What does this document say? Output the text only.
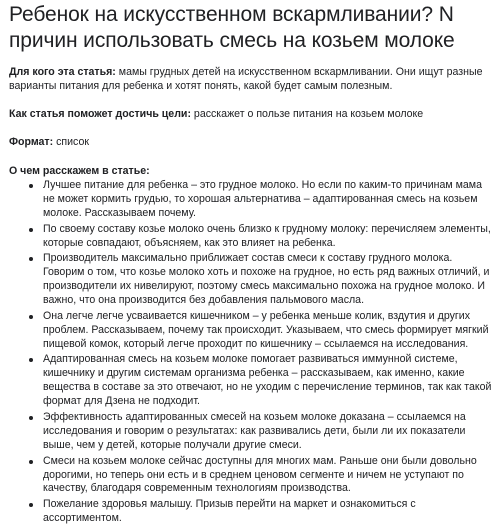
Ребенок на искусственном вскармливании? N причин использовать смесь на козьем молоке

Для кого эта статья: мамы грудных детей на искусственном вскармливании. Они ищут разные варианты питания для ребенка и хотят понять, какой будет самым полезным.

Как статья поможет достичь цели: расскажет о пользе питания на козьем молоке

Формат: список

О чем расскажем в статье:

Лучшее питание для ребенка – это грудное молоко. Но если по каким-то причинам мама не может кормить грудью, то хорошая альтернатива – адаптированная смесь на козьем молоке. Рассказываем почему.
По своему составу козье молоко очень близко к грудному молоку: перечисляем элементы, которые совпадают, объясняем, как это влияет на ребенка.
Производитель максимально приближает состав смеси к составу грудного молока. Говорим о том, что козье молоко хоть и похоже на грудное, но есть ряд важных отличий, и производители их нивелируют, поэтому смесь максимально похожа на грудное молоко. И важно, что она производится без добавления пальмового масла.
Она легче легче усваивается кишечником – у ребенка меньше колик, вздутия и других проблем. Рассказываем, почему так происходит. Указываем, что смесь формирует мягкий пищевой комок, который легче проходит по кишечнику – ссылаемся на исследования.
Адаптированная смесь на козьем молоке помогает развиваться иммунной системе, кишечнику и другим системам организма ребенка – рассказываем, как именно, какие вещества в составе за это отвечают, но не уходим с перечисление терминов, так как такой формат для Дзена не подходит.
Эффективность адаптированных смесей на козьем молоке доказана – ссылаемся на исследования и говорим о результатах: как развивались дети, были ли их показатели выше, чем у детей, которые получали другие смеси.
Смеси на козьем молоке сейчас доступны для многих мам. Раньше они были довольно дорогими, но теперь они есть и в среднем ценовом сегменте и ничем не уступают по качеству, благодаря современным технологиям производства.
Пожелание здоровья малышу. Призыв перейти на маркет и ознакомиться с ассортиментом.
